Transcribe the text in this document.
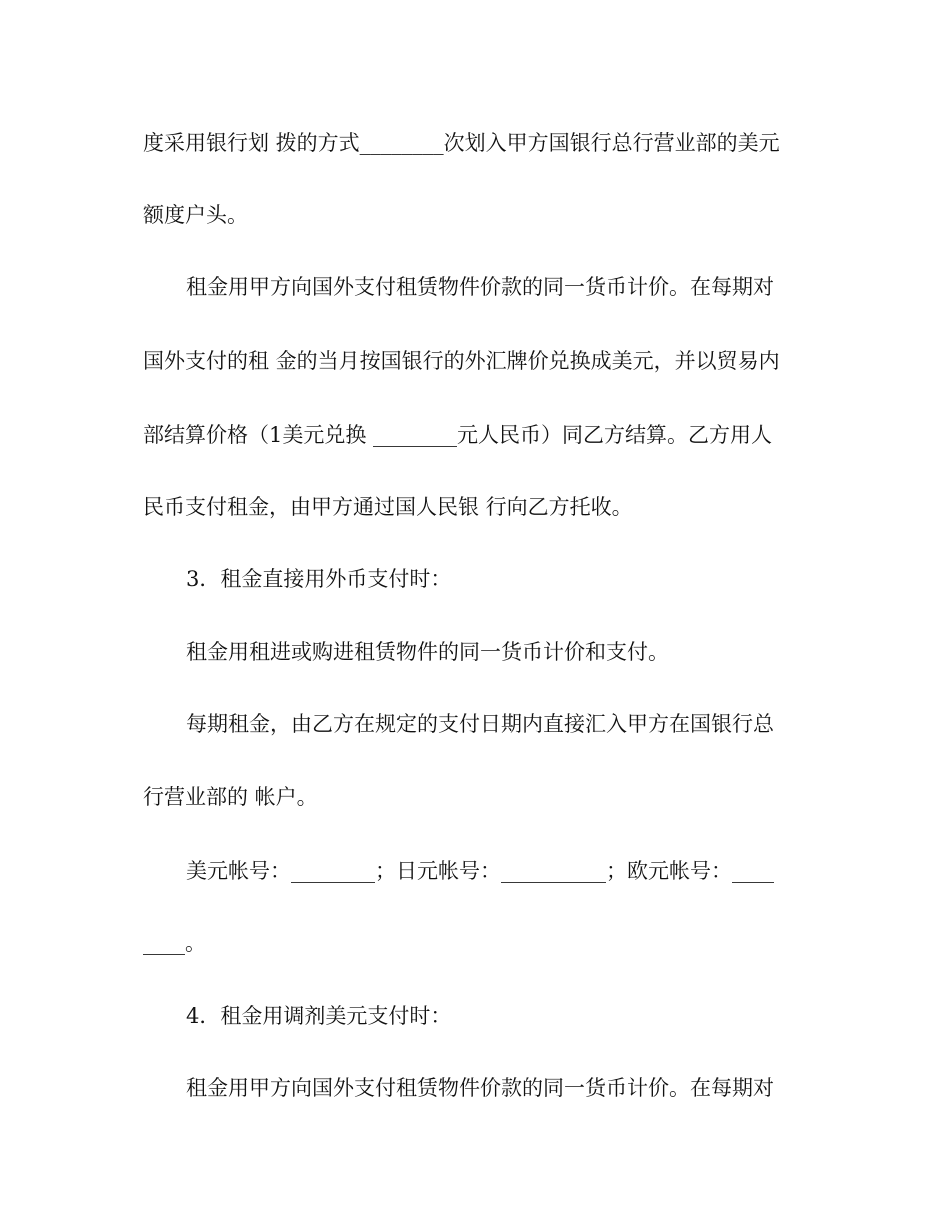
度采用银行划 拨的方式________次划入甲方国银行总行营业部的美元
额度户头。
租金用甲方向国外支付租赁物件价款的同一货币计价。在每期对
国外支付的租 金的当月按国银行的外汇牌价兑换成美元，并以贸易内
部结算价格（1美元兑换 ________元人民币）同乙方结算。乙方用人
民币支付租金，由甲方通过国人民银 行向乙方托收。
3．租金直接用外币支付时：
租金用租进或购进租赁物件的同一货币计价和支付。
每期租金，由乙方在规定的支付日期内直接汇入甲方在国银行总
行营业部的 帐户。
美元帐号：________；日元帐号：__________；欧元帐号：____
____。
4．租金用调剂美元支付时：
租金用甲方向国外支付租赁物件价款的同一货币计价。在每期对
